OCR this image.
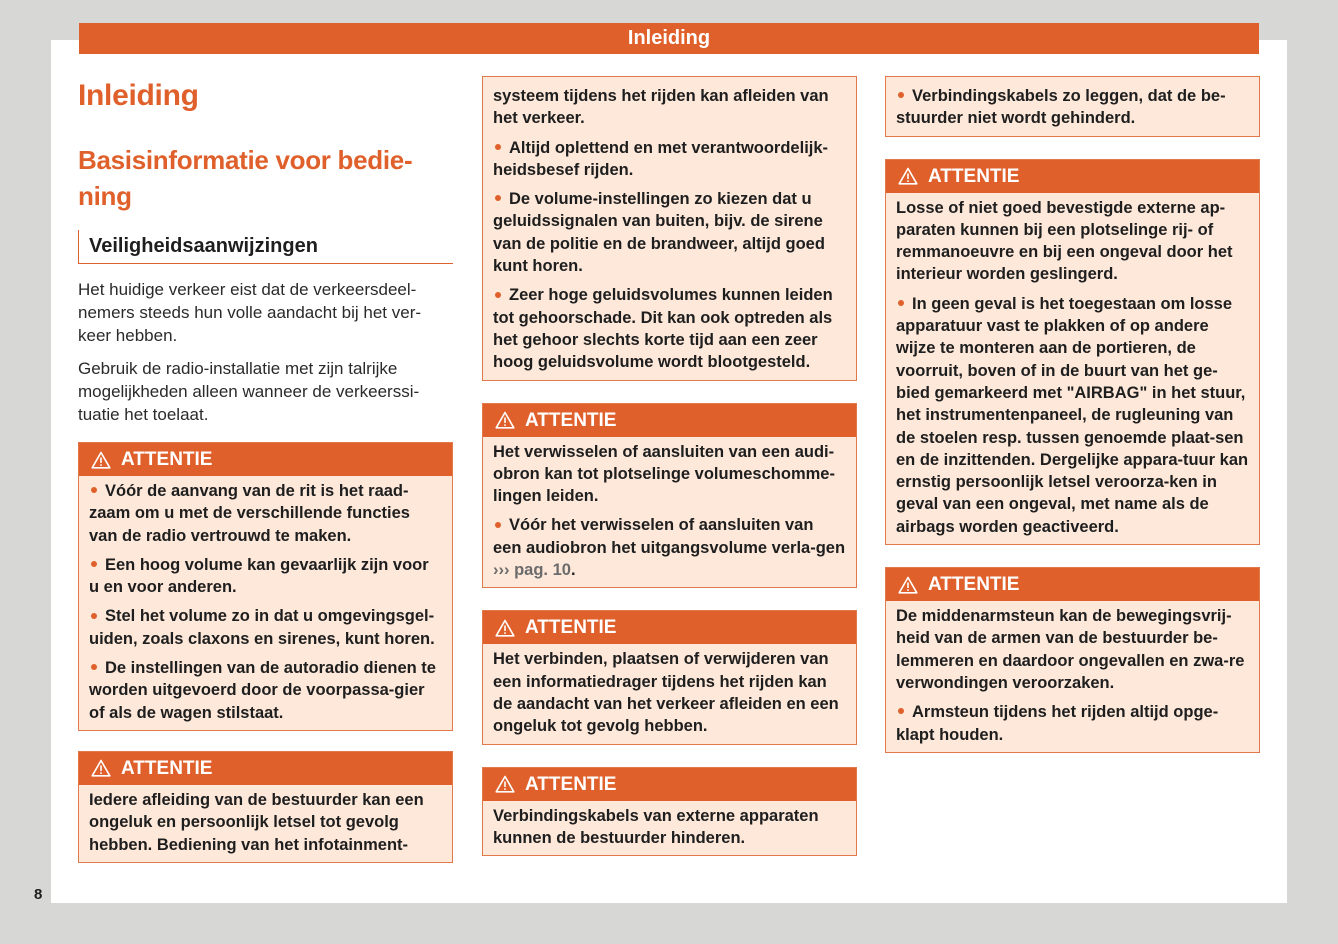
Inleiding
8
Inleiding
Basisinformatie voor bedie-ning
Veiligheidsaanwijzingen

Het huidige verkeer eist dat de verkeersdeel-nemers steeds hun volle aandacht bij het ver-keer hebben.

Gebruik de radio-installatie met zijn talrijke mogelijkheden alleen wanneer de verkeerssi-tuatie het toelaat.

ATTENTIE

Vóór de aanvang van de rit is het raad-zaam om u met de verschillende functies van de radio vertrouwd te maken.

Een hoog volume kan gevaarlijk zijn voor u en voor anderen.

Stel het volume zo in dat u omgevingsgel-uiden, zoals claxons en sirenes, kunt horen.

De instellingen van de autoradio dienen te worden uitgevoerd door de voorpassa-gier of als de wagen stilstaat.

ATTENTIE

Iedere afleiding van de bestuurder kan een ongeluk en persoonlijk letsel tot gevolg hebben. Bediening van het infotainment-

systeem tijdens het rijden kan afleiden van het verkeer.

Altijd oplettend en met verantwoordelijk-heidsbesef rijden.

De volume-instellingen zo kiezen dat u geluidssignalen van buiten, bijv. de sirene van de politie en de brandweer, altijd goed kunt horen.

Zeer hoge geluidsvolumes kunnen leiden tot gehoorschade. Dit kan ook optreden als het gehoor slechts korte tijd aan een zeer hoog geluidsvolume wordt blootgesteld.

ATTENTIE

Het verwisselen of aansluiten van een audi-obron kan tot plotselinge volumeschomme-lingen leiden.

Vóór het verwisselen of aansluiten van een audiobron het uitgangsvolume verla-gen ››› pag. 10.

ATTENTIE

Het verbinden, plaatsen of verwijderen van een informatiedrager tijdens het rijden kan de aandacht van het verkeer afleiden en een ongeluk tot gevolg hebben.

ATTENTIE

Verbindingskabels van externe apparaten kunnen de bestuurder hinderen.

Verbindingskabels zo leggen, dat de be-stuurder niet wordt gehinderd.

ATTENTIE

Losse of niet goed bevestigde externe ap-paraten kunnen bij een plotselinge rij- of remmanoeuvre en bij een ongeval door het interieur worden geslingerd.

In geen geval is het toegestaan om losse apparatuur vast te plakken of op andere wijze te monteren aan de portieren, de voorruit, boven of in de buurt van het ge-bied gemarkeerd met "AIRBAG" in het stuur, het instrumentenpaneel, de rugleuning van de stoelen resp. tussen genoemde plaat-sen en de inzittenden. Dergelijke appara-tuur kan ernstig persoonlijk letsel veroorza-ken in geval van een ongeval, met name als de airbags worden geactiveerd.

ATTENTIE

De middenarmsteun kan de bewegingsvrij-heid van de armen van de bestuurder be-lemmeren en daardoor ongevallen en zwa-re verwondingen veroorzaken.

Armsteun tijdens het rijden altijd opge-klapt houden.
